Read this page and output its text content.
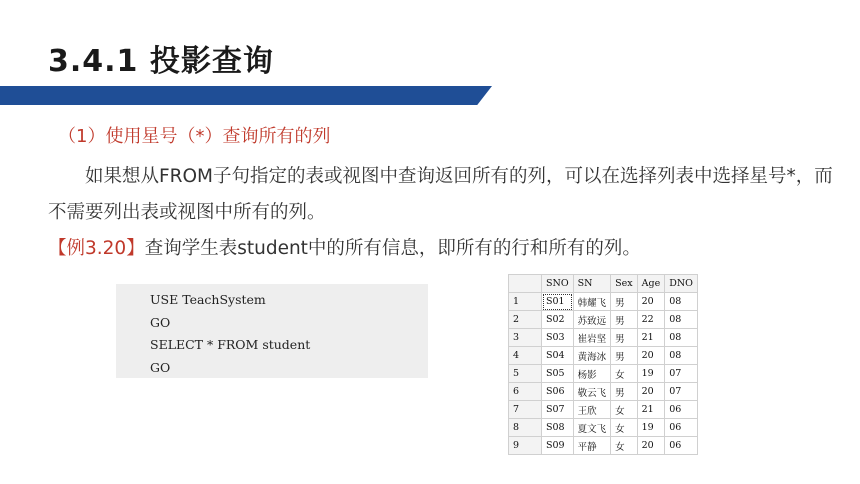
3.4.1 投影查询
（1）使用星号（*）查询所有的列

如果想从FROM子句指定的表或视图中查询返回所有的列，可以在选择列表中选择星号*，而不需要列出表或视图中所有的列。

【例3.20】查询学生表student中的所有信息，即所有的行和所有的列。
USE TeachSystem
GO
SELECT * FROM student
GO
	SNO	SN	Sex	Age	DNO
1	S01	韩耀飞	男	20	08
2	S02	苏致远	男	22	08
3	S03	崔岩坚	男	21	08
4	S04	黄海冰	男	20	08
5	S05	杨影	女	19	07
6	S06	敬云飞	男	20	07
7	S07	王欣	女	21	06
8	S08	夏文飞	女	19	06
9	S09	平静	女	20	06
